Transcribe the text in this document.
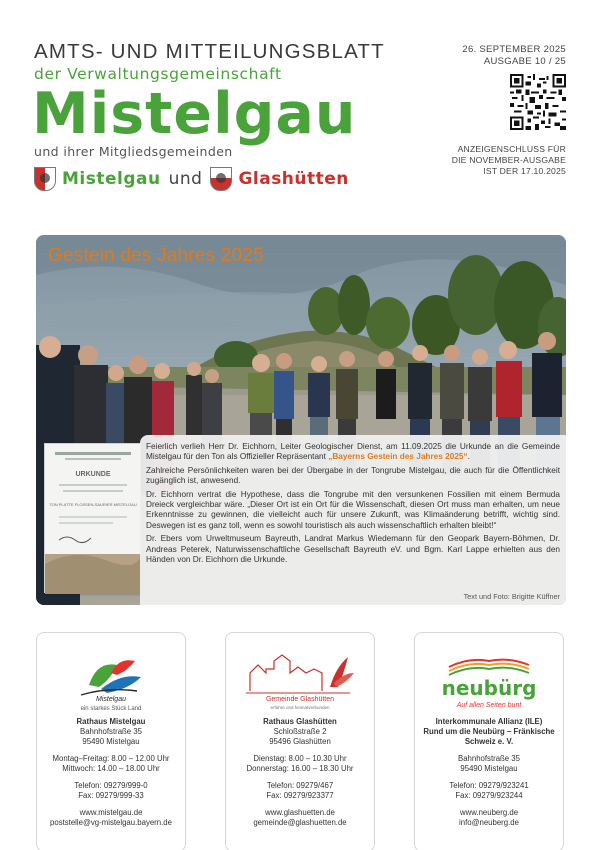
AMTS- UND MITTEILUNGSBLATT
der Verwaltungsgemeinschaft
Mistelgau
und ihrer Mitgliedsgemeinden
Mistelgau und Glashütten
26. SEPTEMBER 2025
AUSGABE 10 / 25
ANZEIGENSCHLUSS FÜR
DIE NOVEMBER-AUSGABE
IST DER 17.10.2025
Gestein des Jahres 2025
URKUNDE
TON PLATTE FLOSSEN-SAURIER MISTELGAU

Feierlich verlieh Herr Dr. Eichhorn, Leiter Geologischer Dienst, am 11.09.2025 die Urkunde an die Gemeinde Mistelgau für den Ton als Offizieller Repräsentant „Bayerns Gestein des Jahres 2025“.

Zahlreiche Persönlichkeiten waren bei der Übergabe in der Tongrube Mistelgau, die auch für die Öffentlichkeit zugänglich ist, anwesend.

Dr. Eichhorn vertrat die Hypothese, dass die Tongrube mit den versunkenen Fossilien mit einem Bermuda Dreieck vergleichbar wäre. „Dieser Ort ist ein Ort für die Wissenschaft, diesen Ort muss man erhalten, um neue Erkenntnisse zu gewinnen, die vielleicht auch für unsere Zukunft, was Klimaänderung betrifft, wichtig sind. Deswegen ist es ganz toll, wenn es sowohl touristisch als auch wissenschaftlich erhalten bleibt!“

Dr. Ebers vom Urweltmuseum Bayreuth, Landrat Markus Wiedemann für den Geopark Bayern-Böhmen, Dr. Andreas Peterek, Naturwissenschaftliche Gesellschaft Bayreuth eV. und Bgm. Karl Lappe erhielten aus den Händen von Dr. Eichhorn die Urkunde.

Text und Foto: Brigitte Küffner
Mistelgau
ein starkes Stück Land
Rathaus Mistelgau
Bahnhofstraße 35
95490 Mistelgau
Montag–Freitag: 8.00 – 12.00 Uhr
Mittwoch: 14.00 – 18.00 Uhr
Telefon: 09279/999-0
Fax: 09279/999-33
www.mistelgau.de
poststelle@vg-mistelgau.bayern.de
Gemeinde Glashütten
erfahre und heimatverbunden
Rathaus Glashütten
Schloßstraße 2
95496 Glashütten
Dienstag: 8.00 – 10.30 Uhr
Donnerstag: 16.00 – 18.30 Uhr
Telefon: 09279/467
Fax: 09279/923377
www.glashuetten.de
gemeinde@glashuetten.de
neubürg
Auf allen Seiten bunt
Interkommunale Allianz (ILE)
Rund um die Neubürg – Fränkische
Schweiz e. V.
Bahnhofstraße 35
95490 Mistelgau
Telefon: 09279/923241
Fax: 09279/923244
www.neuberg.de
info@neuberg.de
